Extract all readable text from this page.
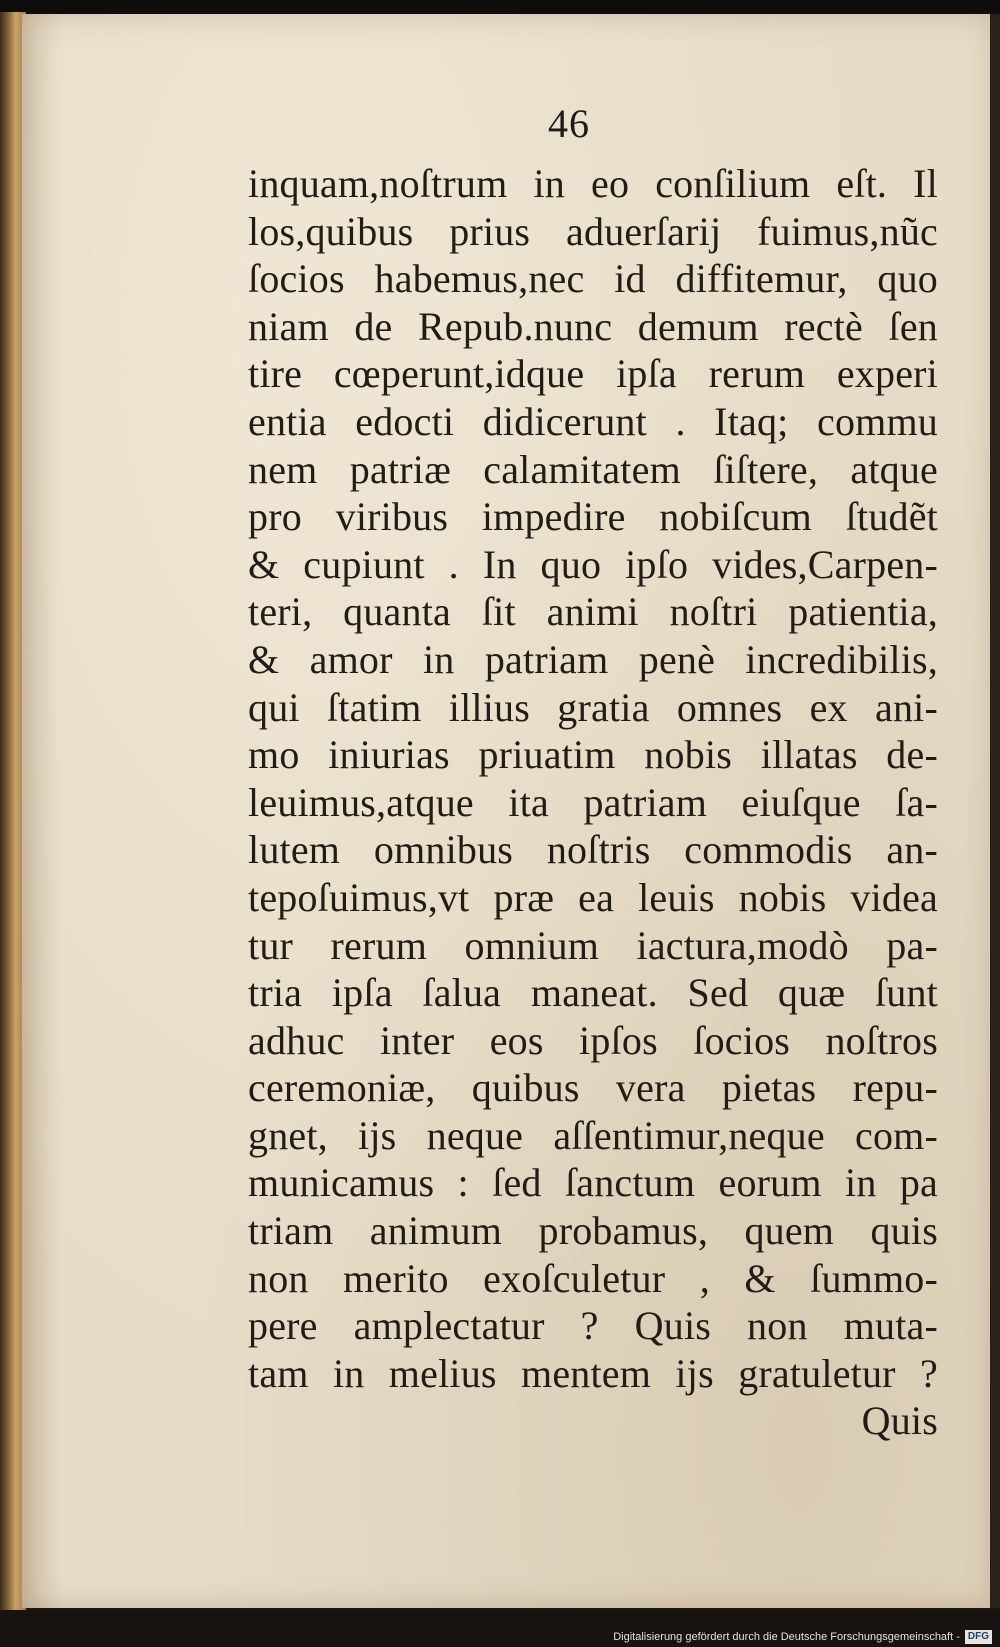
46
inquam,noſtrum in eo conſilium eſt. Il
los,quibus prius aduerſarij fuimus,nũc
ſocios habemus,nec id diffitemur, quo
niam de Repub.nunc demum rectè ſen
tire cœperunt,idque ipſa rerum experi
entia edocti didicerunt . Itaq; commu
nem patriæ calamitatem ſiſtere, atque
pro viribus impedire nobiſcum ſtudẽt
& cupiunt . In quo ipſo vides,Carpen-
teri, quanta ſit animi noſtri patientia,
& amor in patriam penè incredibilis,
qui ſtatim illius gratia omnes ex ani-
mo iniurias priuatim nobis illatas de-
leuimus,atque ita patriam eiuſque ſa-
lutem omnibus noſtris commodis an-
tepoſuimus,vt præ ea leuis nobis videa
tur rerum omnium iactura,modò pa-
tria ipſa ſalua maneat. Sed quæ ſunt
adhuc inter eos ipſos ſocios noſtros
ceremoniæ, quibus vera pietas repu-
gnet, ijs neque aſſentimur,neque com-
municamus : ſed ſanctum eorum in pa
triam animum probamus, quem quis
non merito exoſculetur , & ſummo-
pere amplectatur ? Quis non muta-
tam in melius mentem ijs gratuletur ?
Quis
Digitalisierung gefördert durch die Deutsche Forschungsgemeinschaft - DFG
